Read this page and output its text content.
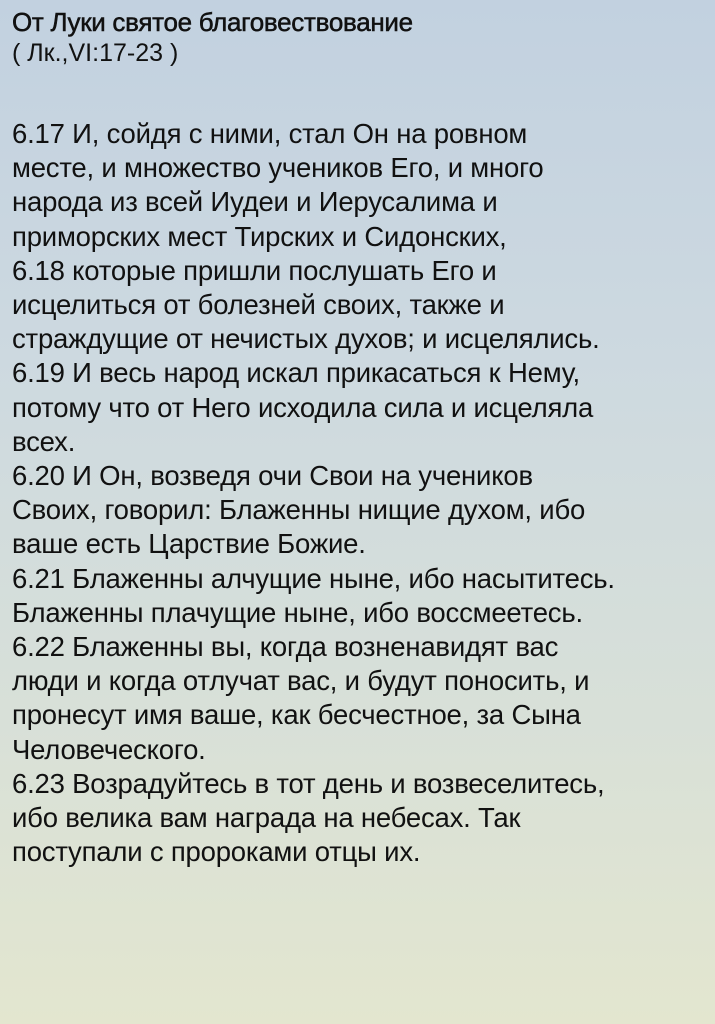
От Луки святое благовествование
( Лк.,VI:17-23 )
6.17 И, сойдя с ними, стал Он на ровном
месте, и множество учеников Его, и много
народа из всей Иудеи и Иерусалима и
приморских мест Тирских и Сидонских,
6.18 которые пришли послушать Его и
исцелиться от болезней своих, также и
страждущие от нечистых духов; и исцелялись.
6.19 И весь народ искал прикасаться к Нему,
потому что от Него исходила сила и исцеляла
всех.
6.20 И Он, возведя очи Свои на учеников
Своих, говорил: Блаженны нищие духом, ибо
ваше есть Царствие Божие.
6.21 Блаженны алчущие ныне, ибо насытитесь.
Блаженны плачущие ныне, ибо воссмеетесь.
6.22 Блаженны вы, когда возненавидят вас
люди и когда отлучат вас, и будут поносить, и
пронесут имя ваше, как бесчестное, за Сына
Человеческого.
6.23 Возрадуйтесь в тот день и возвеселитесь,
ибо велика вам награда на небесах. Так
поступали с пророками отцы их.
